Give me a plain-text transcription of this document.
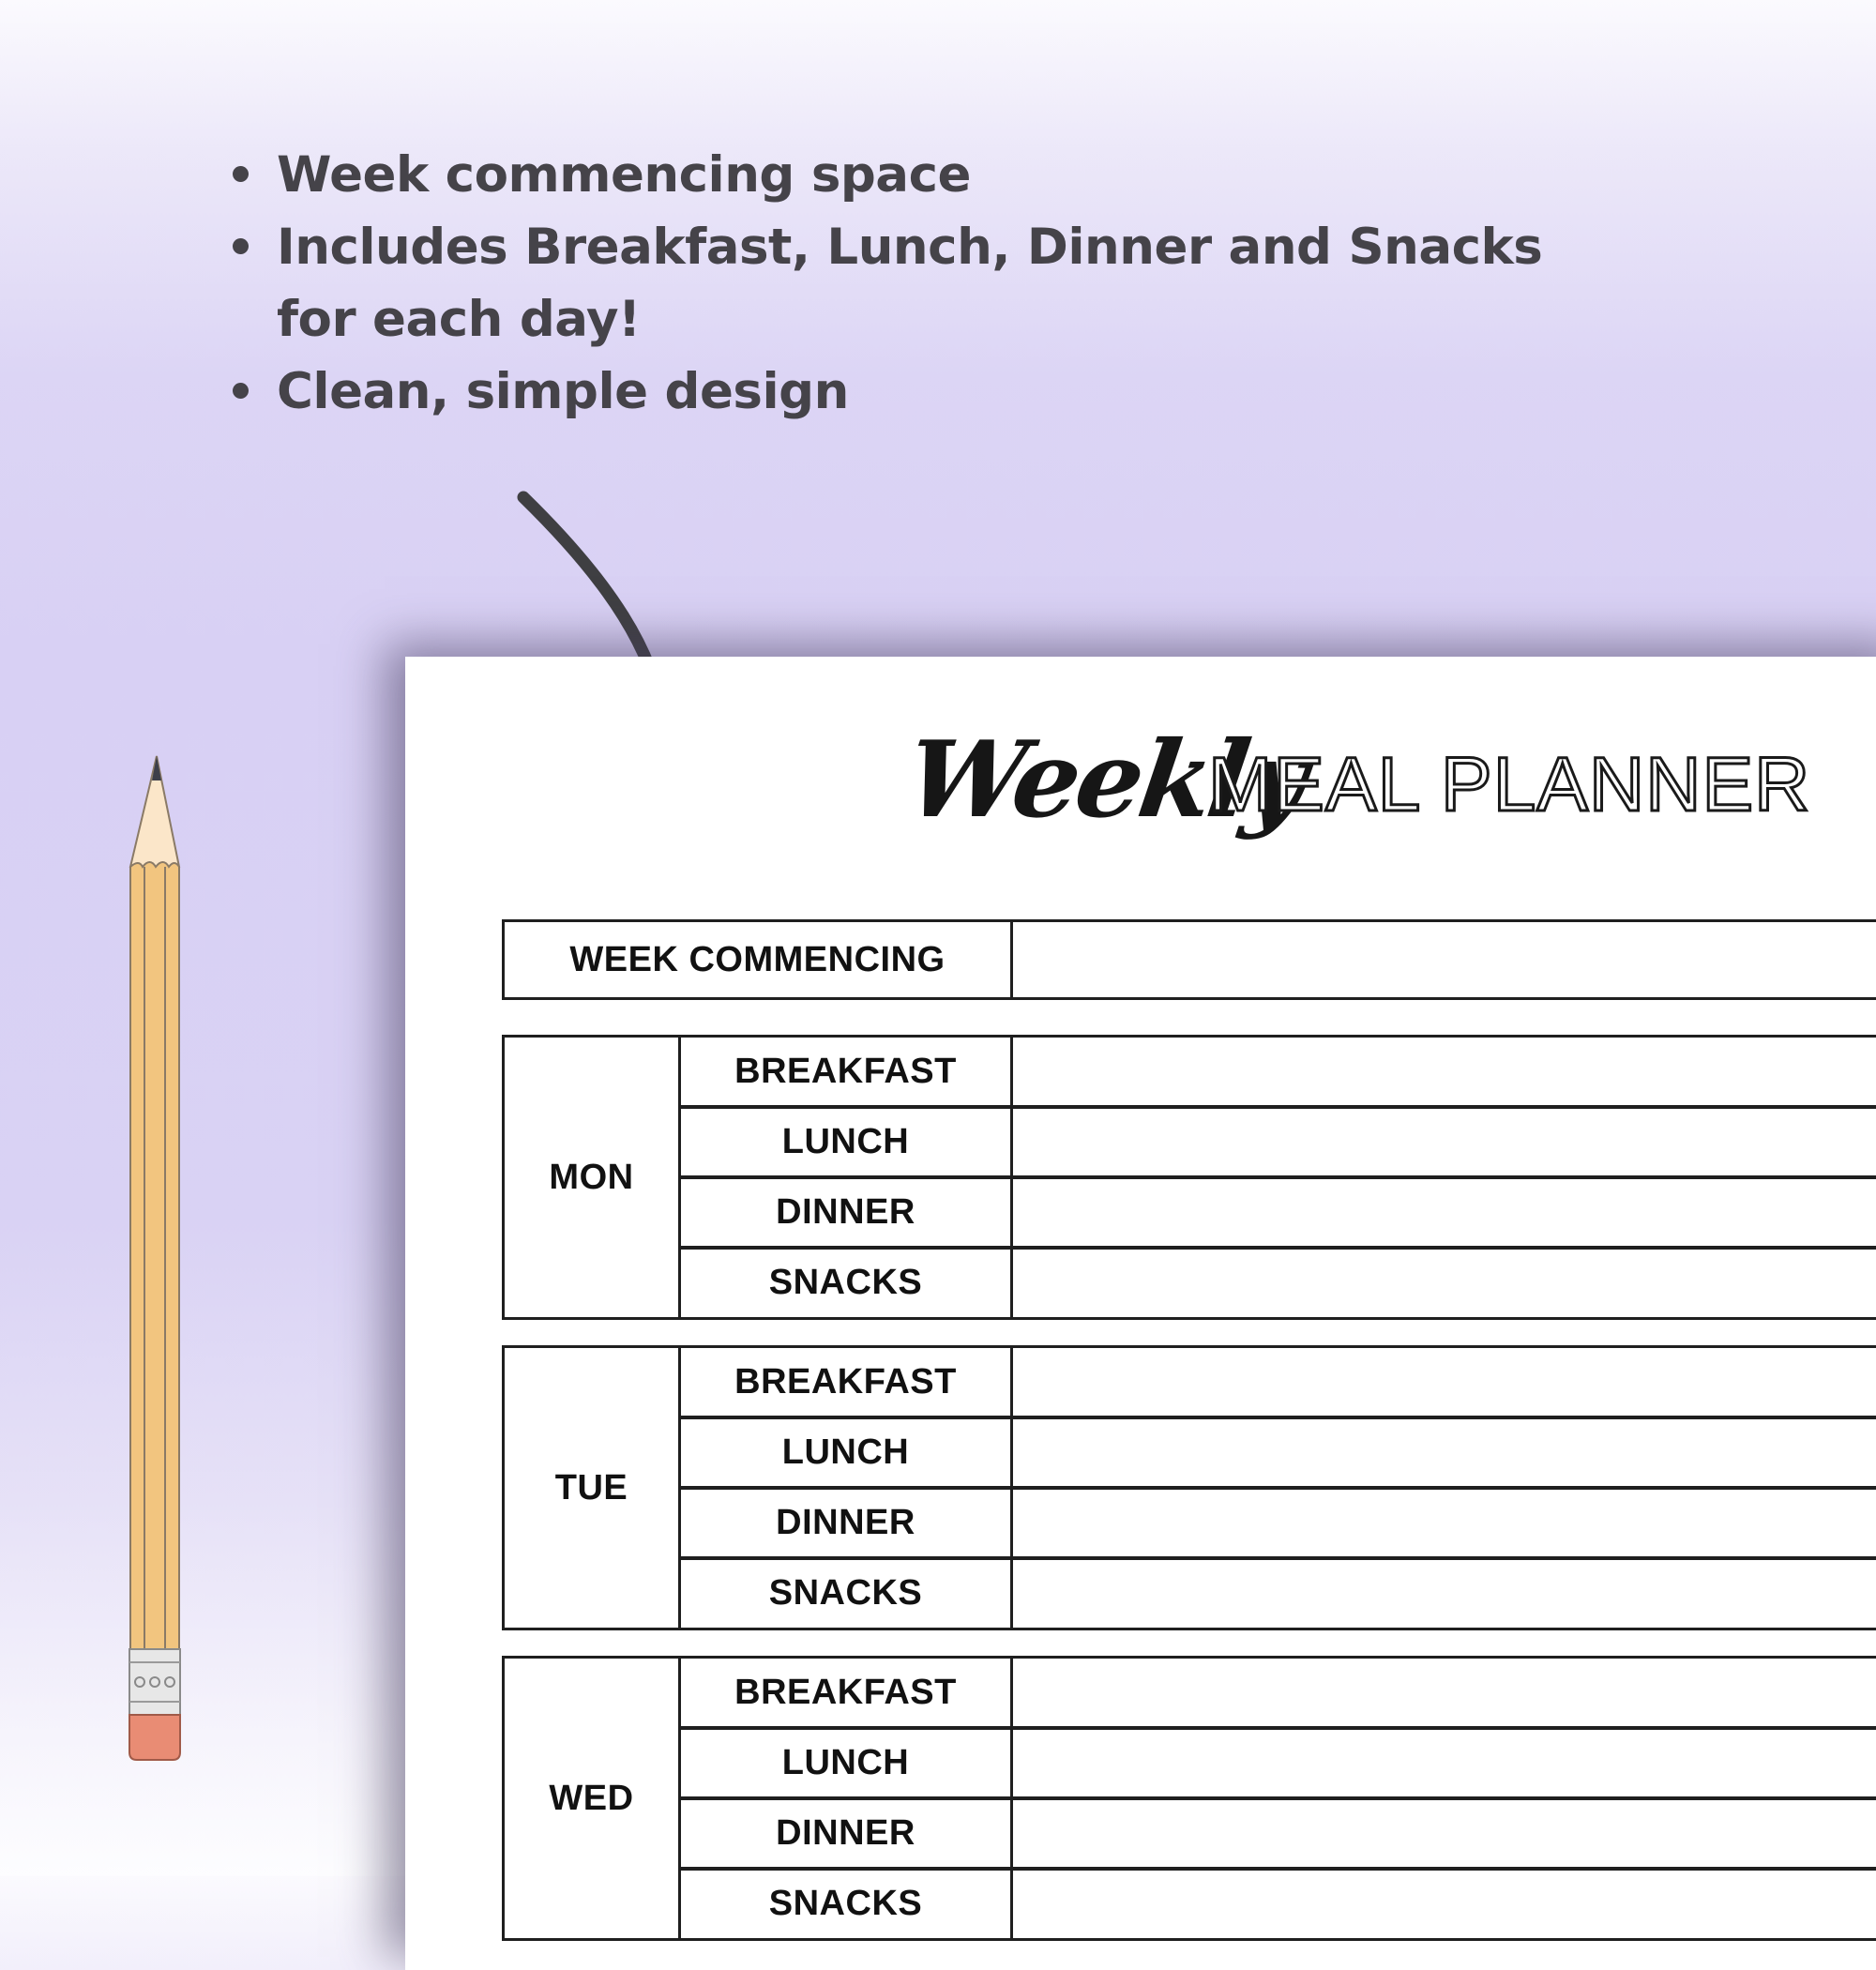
Week commencing space
Includes Breakfast, Lunch, Dinner and Snacks for each day!
Clean, simple design
Weekly
MEAL PLANNER
WEEK COMMENCING
MON
BREAKFAST
LUNCH
DINNER
SNACKS
TUE
BREAKFAST
LUNCH
DINNER
SNACKS
WED
BREAKFAST
LUNCH
DINNER
SNACKS
